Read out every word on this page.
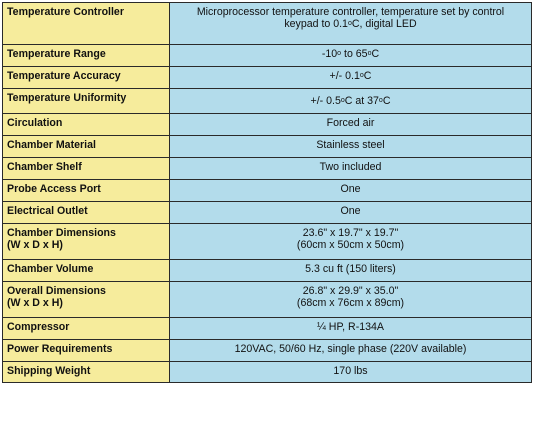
Temperature Controller	Microprocessor temperature controller, temperature set by control
keypad to 0.1$^o$C, digital LED

Temperature Range	-10$^o$ to 65$^o$C

Temperature Accuracy	+/- 0.1$^o$C

Temperature Uniformity	+/- 0.5$^o$C at 37$^o$C

Circulation	Forced air

Chamber Material	Stainless steel

Chamber Shelf	Two included

Probe Access Port	One

Electrical Outlet	One

Chamber Dimensions
(W x D x H)	23.6" x 19.7" x 19.7"
(60cm x 50cm x 50cm)

Chamber Volume	5.3 cu ft (150 liters)

Overall Dimensions
(W x D x H)	26.8" x 29.9" x 35.0"
(68cm x 76cm x 89cm)

Compressor	¼ HP, R-134A

Power Requirements	120VAC, 50/60 Hz, single phase (220V available)

Shipping Weight	170 lbs
